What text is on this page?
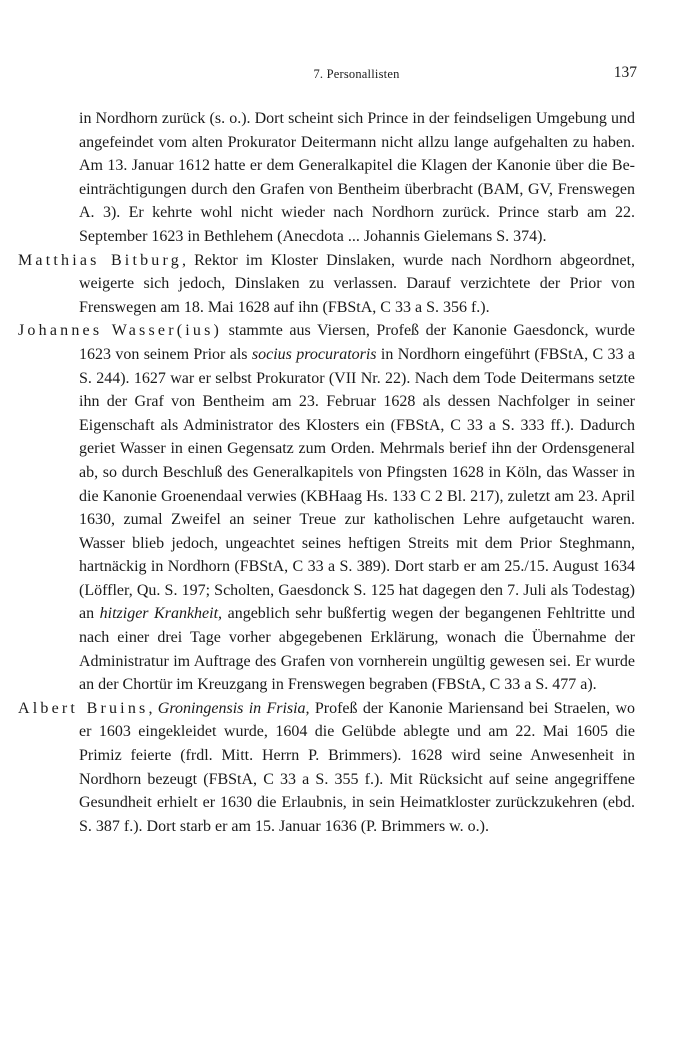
7. Personallisten	137

in Nordhorn zurück (s. o.). Dort scheint sich Prince in der feindseligen Umgebung und angefeindet vom alten Prokurator Deitermann nicht allzu lange aufgehalten zu haben. Am 13. Januar 1612 hatte er dem Generalkapitel die Klagen der Kanonie über die Beeinträchtigungen durch den Grafen von Bentheim überbracht (BAM, GV, Frenswegen A. 3). Er kehrte wohl nicht wieder nach Nordhorn zurück. Prince starb am 22. September 1623 in Bethlehem (Anecdota ... Johannis Gielemans S. 374).

Matthias Bitburg, Rektor im Kloster Dinslaken, wurde nach Nordhorn abgeordnet, weigerte sich jedoch, Dinslaken zu verlassen. Darauf verzichtete der Prior von Frenswegen am 18. Mai 1628 auf ihn (FBStA, C 33 a S. 356 f.).

Johannes Wasser(ius) stammte aus Viersen, Profeß der Kanonie Gaesdonck, wurde 1623 von seinem Prior als socius procuratoris in Nordhorn eingeführt (FBStA, C 33 a S. 244). 1627 war er selbst Prokurator (VII Nr. 22). Nach dem Tode Deitermans setzte ihn der Graf von Bentheim am 23. Februar 1628 als dessen Nachfolger in seiner Eigenschaft als Administrator des Klosters ein (FBStA, C 33 a S. 333 ff.). Dadurch geriet Wasser in einen Gegensatz zum Orden. Mehrmals berief ihn der Ordensgeneral ab, so durch Beschluß des Generalkapitels von Pfingsten 1628 in Köln, das Wasser in die Kanonie Groenendaal verwies (KBHaag Hs. 133 C 2 Bl. 217), zuletzt am 23. April 1630, zumal Zweifel an seiner Treue zur katholischen Lehre aufgetaucht waren. Wasser blieb jedoch, ungeachtet seines heftigen Streits mit dem Prior Steghmann, hartnäckig in Nordhorn (FBStA, C 33 a S. 389). Dort starb er am 25./15. August 1634 (Löffler, Qu. S. 197; Scholten, Gaesdonck S. 125 hat dagegen den 7. Juli als Todestag) an hitziger Krankheit, angeblich sehr bußfertig wegen der begangenen Fehltritte und nach einer drei Tage vorher abgegebenen Erklärung, wonach die Übernahme der Administratur im Auftrage des Grafen von vornherein ungültig gewesen sei. Er wurde an der Chortür im Kreuzgang in Frenswegen begraben (FBStA, C 33 a S. 477 a).

Albert Bruins, Groningensis in Frisia, Profeß der Kanonie Mariensand bei Straelen, wo er 1603 eingekleidet wurde, 1604 die Gelübde ablegte und am 22. Mai 1605 die Primiz feierte (frdl. Mitt. Herrn P. Brimmers). 1628 wird seine Anwesenheit in Nordhorn bezeugt (FBStA, C 33 a S. 355 f.). Mit Rücksicht auf seine angegriffene Gesundheit erhielt er 1630 die Erlaubnis, in sein Heimatkloster zurückzukehren (ebd. S. 387 f.). Dort starb er am 15. Januar 1636 (P. Brimmers w. o.).
